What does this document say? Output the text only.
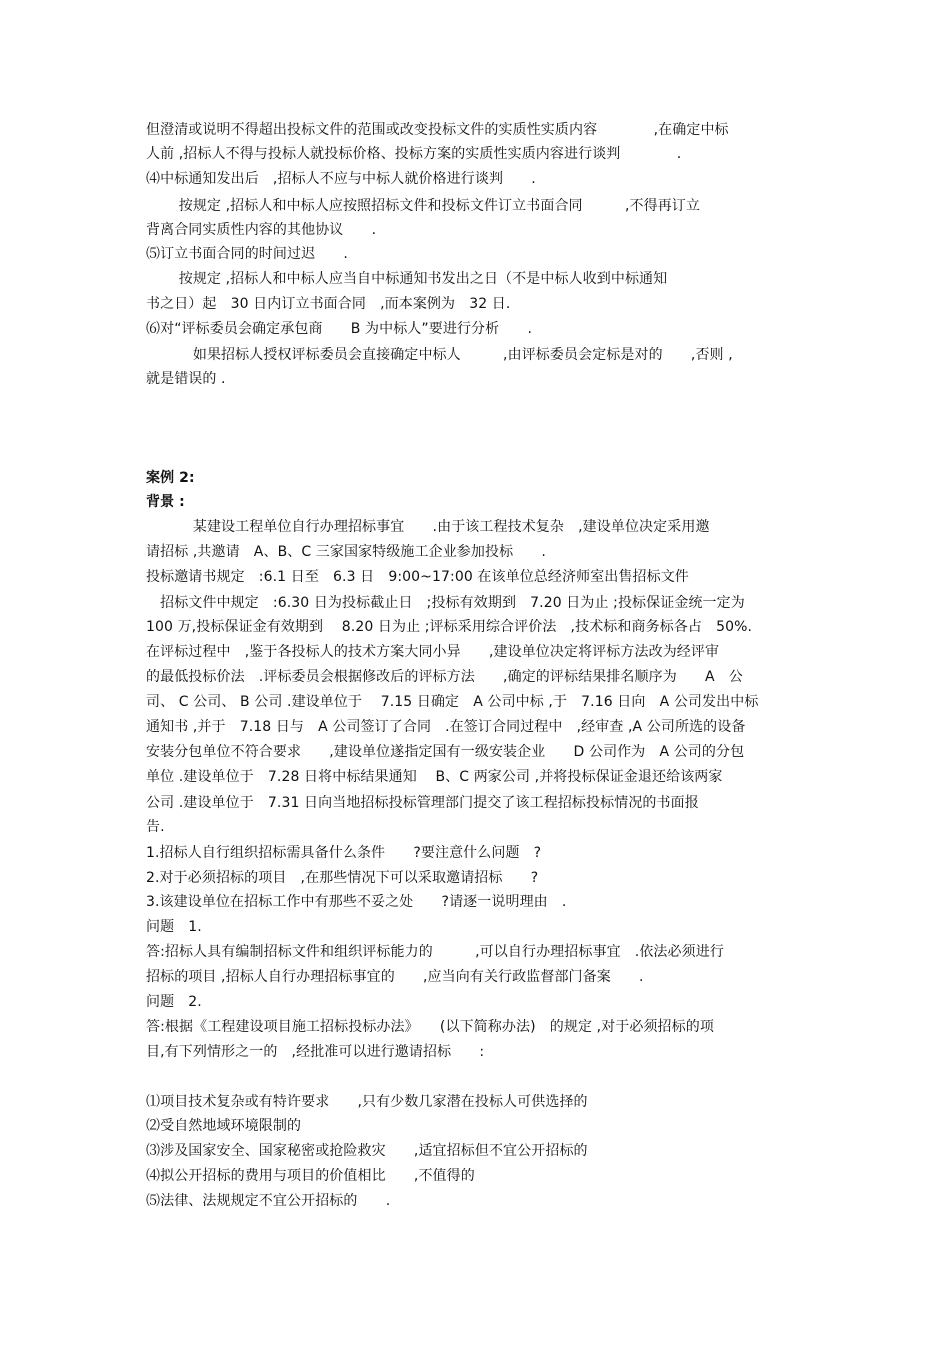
但澄清或说明不得超出投标文件的范围或改变投标文件的实质性实质内容　　　　,在确定中标
人前 ,招标人不得与投标人就投标价格、投标方案的实质性实质内容进行谈判　　　　.
⑷中标通知发出后　,招标人不应与中标人就价格进行谈判　　.
　　 按规定 ,招标人和中标人应按照招标文件和投标文件订立书面合同　　　,不得再订立
背离合同实质性内容的其他协议　　.
⑸订立书面合同的时间过迟　　.
　　 按规定 ,招标人和中标人应当自中标通知书发出之日（不是中标人收到中标通知
书之日）起　30 日内订立书面合同　,而本案例为　32 日.
⑹对“评标委员会确定承包商　　B 为中标人”要进行分析　　.
　　　 如果招标人授权评标委员会直接确定中标人　　　,由评标委员会定标是对的　　,否则 ,
就是错误的 .
案例 2:
背景 :
　　　 某建设工程单位自行办理招标事宜　　.由于该工程技术复杂　,建设单位决定采用邀
请招标 ,共邀请　A、B、C 三家国家特级施工企业参加投标　　.
投标邀请书规定　:6.1 日至　6.3 日　9:00~17:00 在该单位总经济师室出售招标文件
　招标文件中规定　:6.30 日为投标截止日　;投标有效期到　7.20 日为止 ;投标保证金统一定为
100 万,投标保证金有效期到　 8.20 日为止 ;评标采用综合评价法　,技术标和商务标各占　50%.
在评标过程中　,鉴于各投标人的技术方案大同小异　　,建设单位决定将评标方法改为经评审
的最低投标价法　.评标委员会根据修改后的评标方法　　,确定的评标结果排名顺序为　　A　公
司、 C 公司、 B 公司 .建设单位于　 7.15 日确定　A 公司中标 ,于　7.16 日向　A 公司发出中标
通知书 ,并于　7.18 日与　A 公司签订了合同　.在签订合同过程中　,经审查 ,A 公司所选的设备
安装分包单位不符合要求　　,建设单位遂指定国有一级安装企业　　D 公司作为　A 公司的分包
单位 .建设单位于　7.28 日将中标结果通知　 B、C 两家公司 ,并将投标保证金退还给该两家
公司 .建设单位于　7.31 日向当地招标投标管理部门提交了该工程招标投标情况的书面报
告.
1.招标人自行组织招标需具备什么条件　　?要注意什么问题　?
2.对于必须招标的项目　,在那些情况下可以采取邀请招标　　?
3.该建设单位在招标工作中有那些不妥之处　　?请逐一说明理由　.
问题　1.
答:招标人具有编制招标文件和组织评标能力的　　　,可以自行办理招标事宜　.依法必须进行
招标的项目 ,招标人自行办理招标事宜的　　,应当向有关行政监督部门备案　　.
问题　2.
答:根据《工程建设项目施工招标投标办法》　　(以下简称办法)　的规定 ,对于必须招标的项
目,有下列情形之一的　,经批准可以进行邀请招标　　:
⑴项目技术复杂或有特许要求　　,只有少数几家潜在投标人可供选择的
⑵受自然地域环境限制的
⑶涉及国家安全、国家秘密或抢险救灾　　,适宜招标但不宜公开招标的
⑷拟公开招标的费用与项目的价值相比　　,不值得的
⑸法律、法规规定不宜公开招标的　　.
